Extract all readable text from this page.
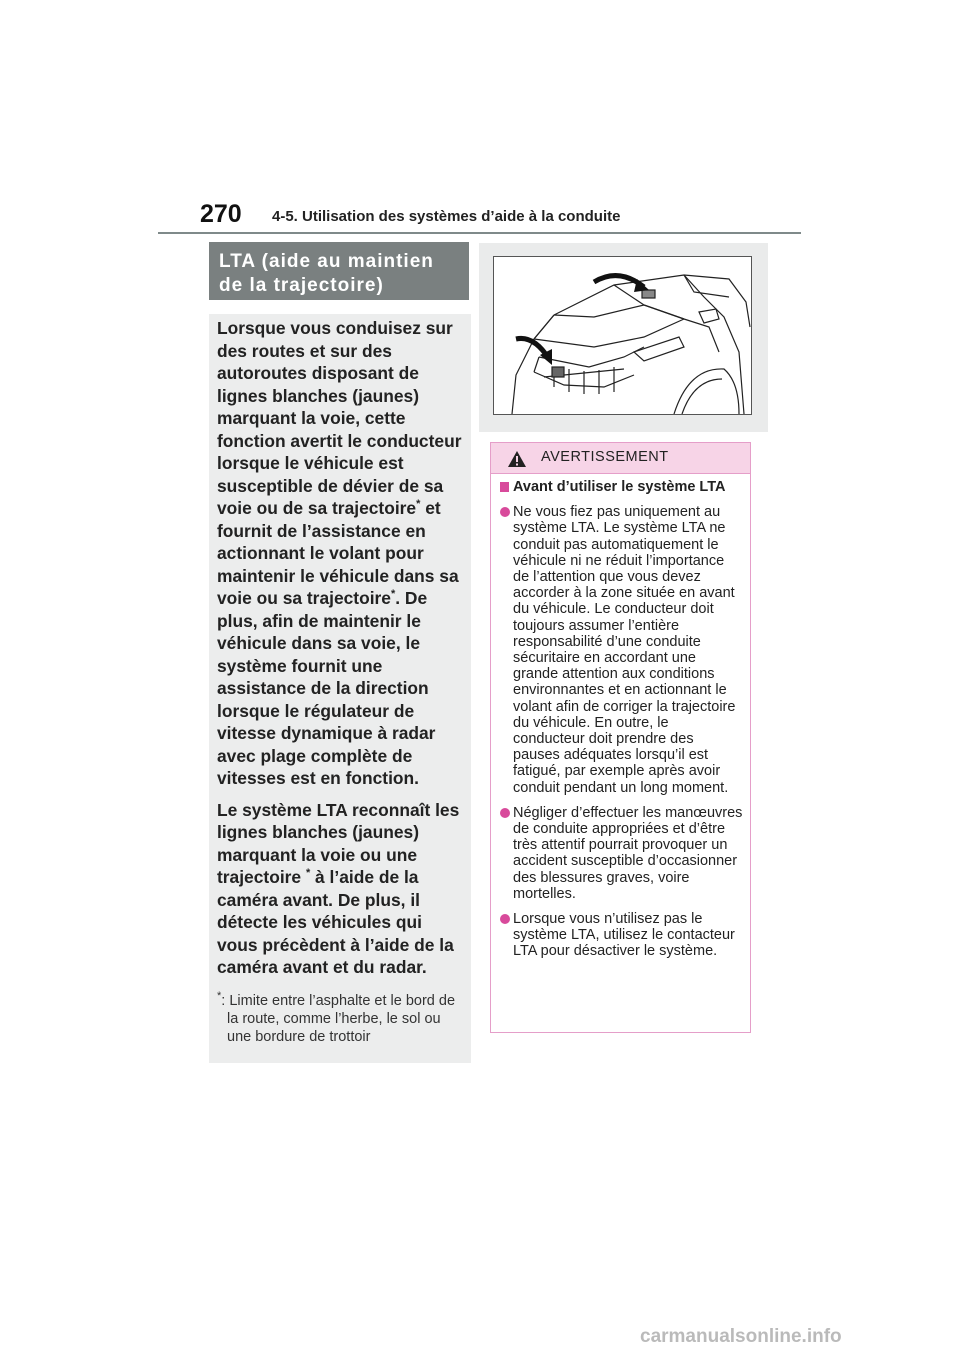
270 4-5. Utilisation des systèmes d’aide à la conduite
LTA (aide au maintien
de la trajectoire)

Lorsque vous conduisez sur des routes et sur des autoroutes disposant de lignes blanches (jaunes) marquant la voie, cette fonction avertit le conducteur lorsque le véhicule est susceptible de dévier de sa voie ou de sa trajectoire* et fournit de l’assistance en actionnant le volant pour maintenir le véhicule dans sa voie ou sa trajectoire*. De plus, afin de maintenir le véhicule dans sa voie, le système fournit une assistance de la direction lorsque le régulateur de vitesse dynamique à radar avec plage complète de vitesses est en fonction.

Le système LTA reconnaît les lignes blanches (jaunes) marquant la voie ou une trajectoire * à l’aide de la caméra avant. De plus, il détecte les véhicules qui vous précèdent à l’aide de la caméra avant et du radar.

*: Limite entre l’asphalte et le bord de la route, comme l’herbe, le sol ou une bordure de trottoir
AVERTISSEMENT
Avant d’utiliser le système LTA
Ne vous fiez pas uniquement au système LTA. Le système LTA ne conduit pas automatiquement le véhicule ni ne réduit l’importance de l’attention que vous devez accorder à la zone située en avant du véhicule. Le conducteur doit toujours assumer l’entière responsabilité d’une conduite sécuritaire en accordant une grande attention aux conditions environnantes et en actionnant le volant afin de corriger la trajectoire du véhicule. En outre, le conducteur doit prendre des pauses adéquates lorsqu’il est fatigué, par exemple après avoir conduit pendant un long moment.
Négliger d’effectuer les manœuvres de conduite appropriées et d’être très attentif pourrait provoquer un accident susceptible d’occasionner des blessures graves, voire mortelles.
Lorsque vous n’utilisez pas le système LTA, utilisez le contacteur LTA pour désactiver le système.
carmanualsonline.info
